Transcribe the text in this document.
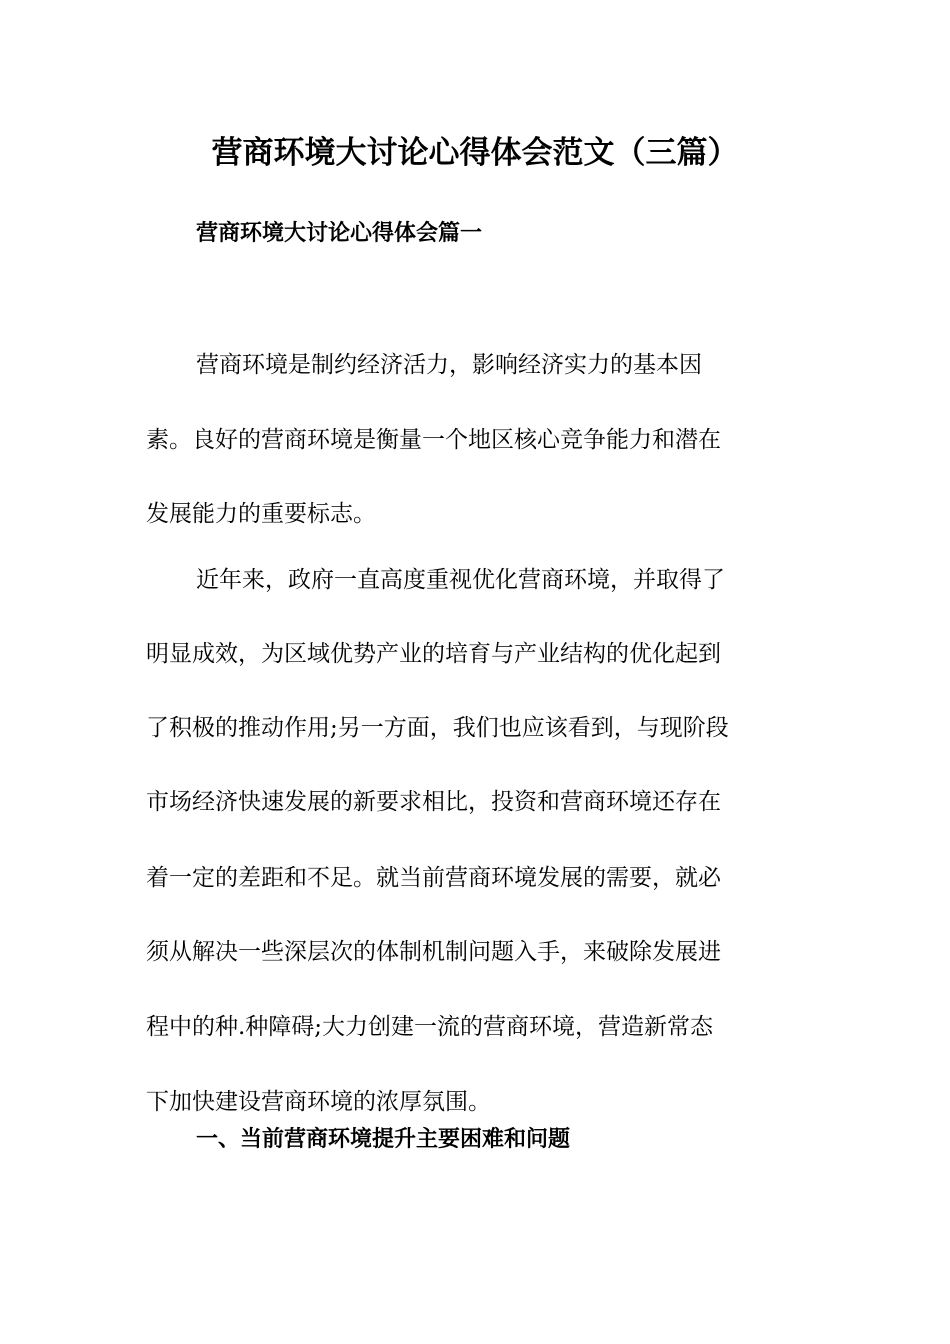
营商环境大讨论心得体会范文（三篇）
营商环境大讨论心得体会篇一
营商环境是制约经济活力，影响经济实力的基本因
素。良好的营商环境是衡量一个地区核心竞争能力和潜在
发展能力的重要标志。
近年来，政府一直高度重视优化营商环境，并取得了
明显成效，为区域优势产业的培育与产业结构的优化起到
了积极的推动作用;另一方面，我们也应该看到，与现阶段
市场经济快速发展的新要求相比，投资和营商环境还存在
着一定的差距和不足。就当前营商环境发展的需要，就必
须从解决一些深层次的体制机制问题入手，来破除发展进
程中的种.种障碍;大力创建一流的营商环境，营造新常态
下加快建设营商环境的浓厚氛围。
一、当前营商环境提升主要困难和问题
